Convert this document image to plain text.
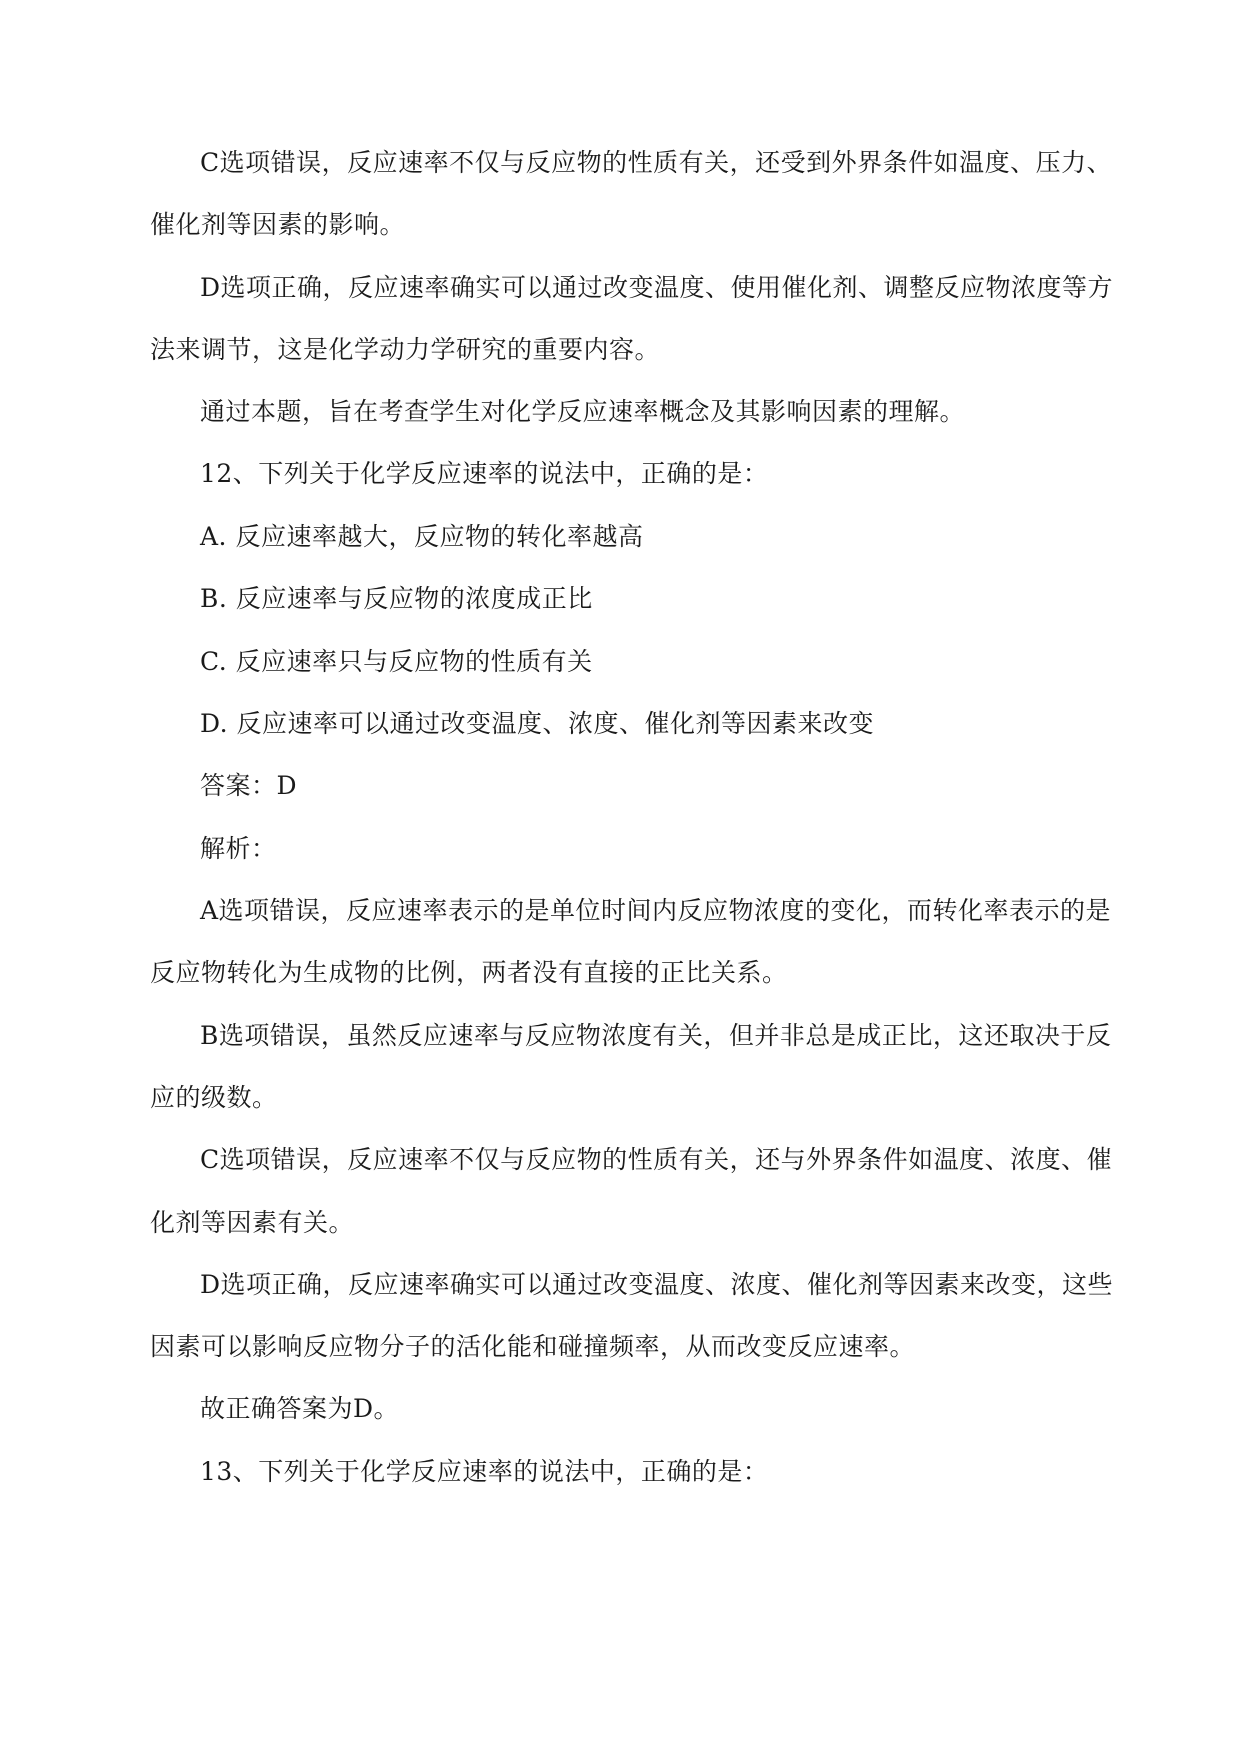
C选项错误，反应速率不仅与反应物的性质有关，还受到外界条件如温度、压力、
催化剂等因素的影响。
D选项正确，反应速率确实可以通过改变温度、使用催化剂、调整反应物浓度等方
法来调节，这是化学动力学研究的重要内容。
通过本题，旨在考查学生对化学反应速率概念及其影响因素的理解。
12、下列关于化学反应速率的说法中，正确的是：
A. 反应速率越大，反应物的转化率越高
B. 反应速率与反应物的浓度成正比
C. 反应速率只与反应物的性质有关
D. 反应速率可以通过改变温度、浓度、催化剂等因素来改变
答案：D
解析：
A选项错误，反应速率表示的是单位时间内反应物浓度的变化，而转化率表示的是
反应物转化为生成物的比例，两者没有直接的正比关系。
B选项错误，虽然反应速率与反应物浓度有关，但并非总是成正比，这还取决于反
应的级数。
C选项错误，反应速率不仅与反应物的性质有关，还与外界条件如温度、浓度、催
化剂等因素有关。
D选项正确，反应速率确实可以通过改变温度、浓度、催化剂等因素来改变，这些
因素可以影响反应物分子的活化能和碰撞频率，从而改变反应速率。
故正确答案为D。
13、下列关于化学反应速率的说法中，正确的是：
